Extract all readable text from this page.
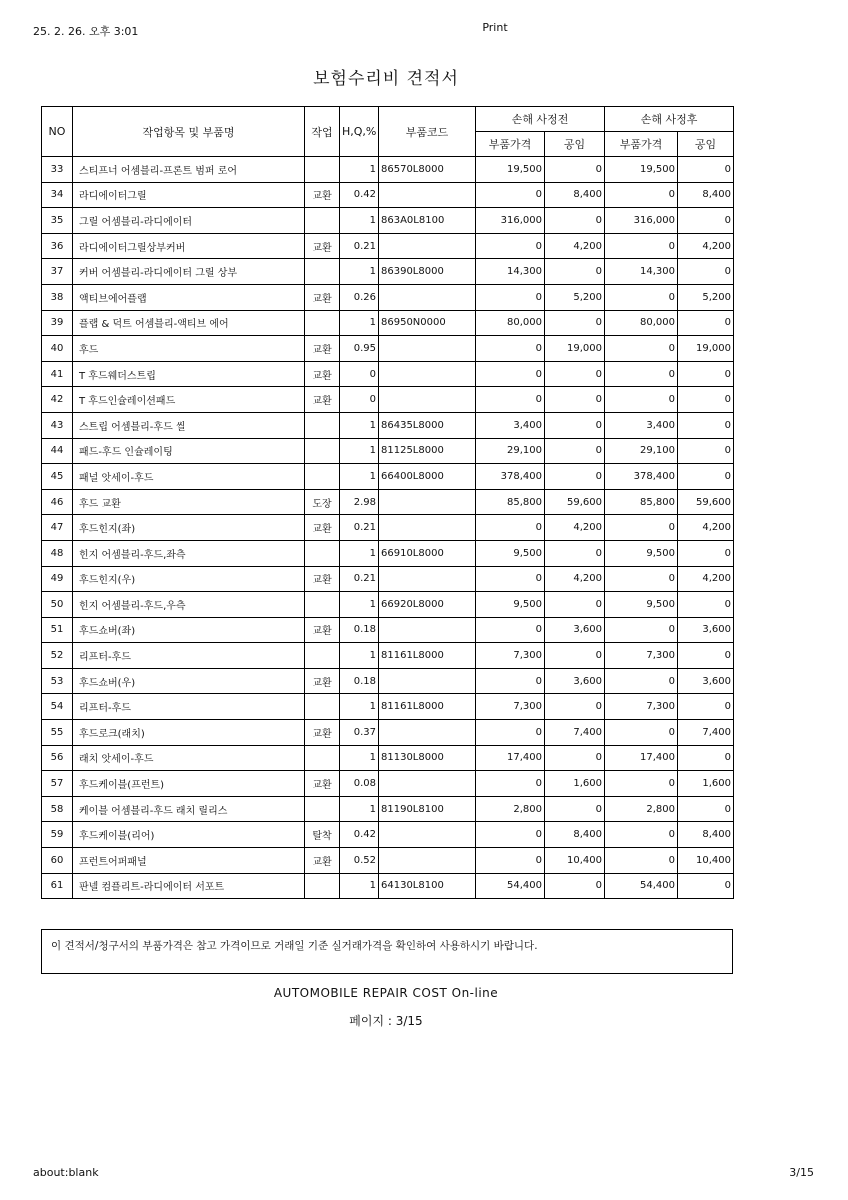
25. 2. 26. 오후 3:01	Print
보험수리비 견적서
NO	작업항목 및 부품명	작업	H,Q,%	부품코드	손해 사정전		손해 사정후	
					부품가격	공임	부품가격	공임
33	스티프너 어셈블리-프론트 범퍼 로어		1	86570L8000	19,500	0	19,500	0
34	라디에이터그릴	교환	0.42		0	8,400	0	8,400
35	그릴 어셈블리-라디에이터		1	863A0L8100	316,000	0	316,000	0
36	라디에이터그릴상부커버	교환	0.21		0	4,200	0	4,200
37	커버 어셈블리-라디에이터 그릴 상부		1	86390L8000	14,300	0	14,300	0
38	액티브에어플랩	교환	0.26		0	5,200	0	5,200
39	플랩 & 덕트 어셈블리-액티브 에어		1	86950N0000	80,000	0	80,000	0
40	후드	교환	0.95		0	19,000	0	19,000
41	T 후드웨더스트립	교환	0		0	0	0	0
42	T 후드인슐레이션패드	교환	0		0	0	0	0
43	스트립 어셈블리-후드 씰		1	86435L8000	3,400	0	3,400	0
44	패드-후드 인슐레이팅		1	81125L8000	29,100	0	29,100	0
45	패널 앗세이-후드		1	66400L8000	378,400	0	378,400	0
46	후드 교환	도장	2.98		85,800	59,600	85,800	59,600
47	후드힌지(좌)	교환	0.21		0	4,200	0	4,200
48	힌지 어셈블리-후드,좌측		1	66910L8000	9,500	0	9,500	0
49	후드힌지(우)	교환	0.21		0	4,200	0	4,200
50	힌지 어셈블리-후드,우측		1	66920L8000	9,500	0	9,500	0
51	후드쇼버(좌)	교환	0.18		0	3,600	0	3,600
52	리프터-후드		1	81161L8000	7,300	0	7,300	0
53	후드쇼버(우)	교환	0.18		0	3,600	0	3,600
54	리프터-후드		1	81161L8000	7,300	0	7,300	0
55	후드로크(래치)	교환	0.37		0	7,400	0	7,400
56	래치 앗세이-후드		1	81130L8000	17,400	0	17,400	0
57	후드케이블(프런트)	교환	0.08		0	1,600	0	1,600
58	케이블 어셈블리-후드 래치 릴리스		1	81190L8100	2,800	0	2,800	0
59	후드케이블(리어)	탈착	0.42		0	8,400	0	8,400
60	프런트어퍼패널	교환	0.52		0	10,400	0	10,400
61	판넬 컴플리트-라디에이터 서포트		1	64130L8100	54,400	0	54,400	0
이 견적서/청구서의 부품가격은 참고 가격이므로 거래일 기준 실거래가격을 확인하여 사용하시기 바랍니다.
AUTOMOBILE REPAIR COST On-line
페이지 : 3/15
about:blank	3/15
